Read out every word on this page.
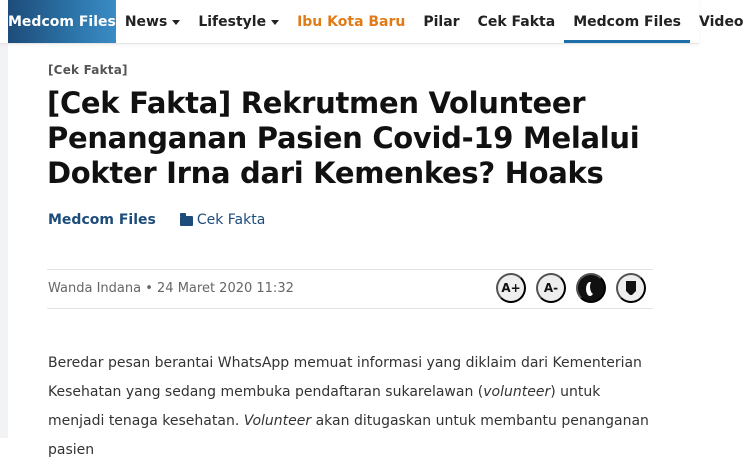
Medcom Files News Lifestyle	Ibu Kota Baru	Pilar	Cek Fakta	Medcom Files	Video
[Cek Fakta]
[Cek Fakta] Rekrutmen Volunteer Penanganan Pasien Covid-19 Melalui Dokter Irna dari Kemenkes? Hoaks
Medcom Files	Cek Fakta
Wanda Indana • 24 Maret 2020 11:32	A+	A-

Beredar pesan berantai WhatsApp memuat informasi yang diklaim dari Kementerian Kesehatan yang sedang membuka pendaftaran sukarelawan (volunteer) untuk menjadi tenaga kesehatan. Volunteer akan ditugaskan untuk membantu penanganan pasien
